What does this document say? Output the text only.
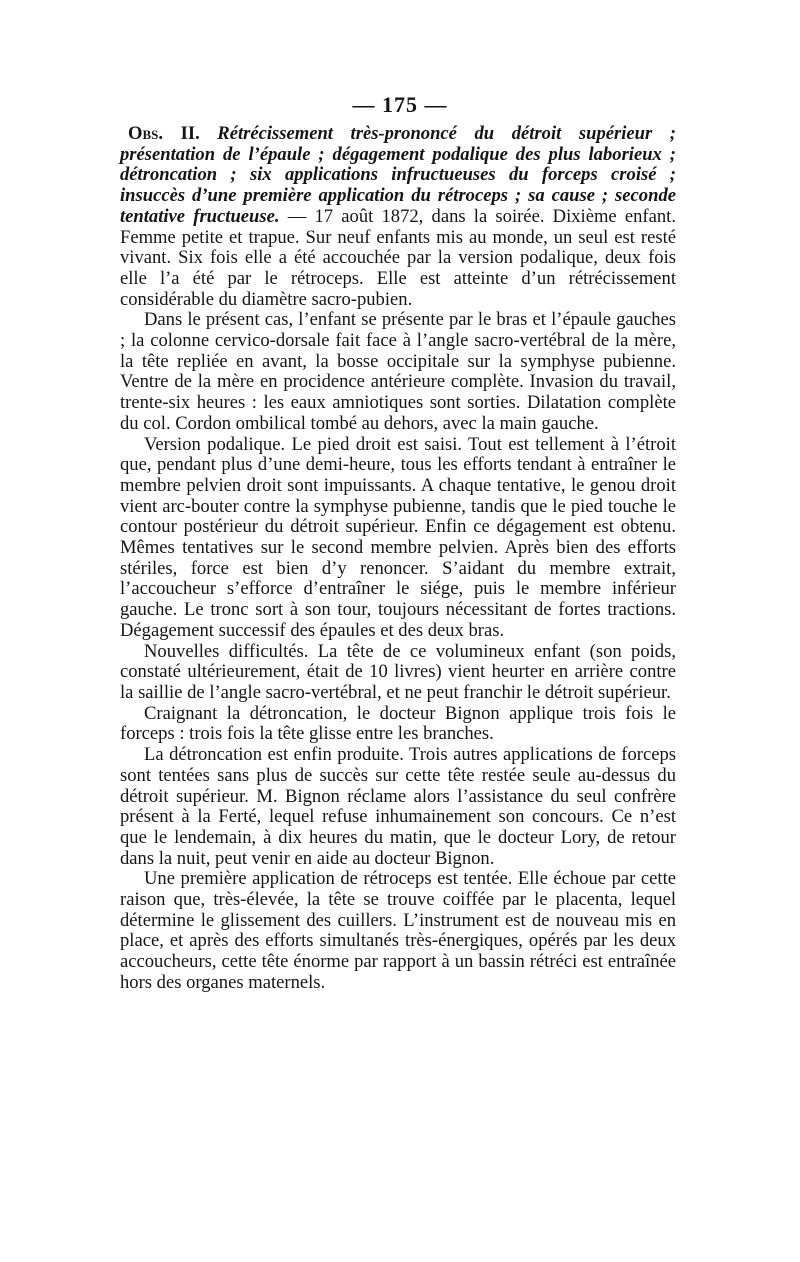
— 175 —

Obs. II. Rétrécissement très-prononcé du détroit supérieur ; présentation de l’épaule ; dégagement podalique des plus laborieux ; détroncation ; six applications infructueuses du forceps croisé ; insuccès d’une première application du rétroceps ; sa cause ; seconde tentative fructueuse. — 17 août 1872, dans la soirée. Dixième enfant. Femme petite et trapue. Sur neuf enfants mis au monde, un seul est resté vivant. Six fois elle a été accouchée par la version podalique, deux fois elle l’a été par le rétroceps. Elle est atteinte d’un rétrécissement considérable du diamètre sacro-pubien.

Dans le présent cas, l’enfant se présente par le bras et l’épaule gauches ; la colonne cervico-dorsale fait face à l’angle sacro-vertébral de la mère, la tête repliée en avant, la bosse occipitale sur la symphyse pubienne. Ventre de la mère en procidence antérieure complète. Invasion du travail, trente-six heures : les eaux amniotiques sont sorties. Dilatation complète du col. Cordon ombilical tombé au dehors, avec la main gauche.

Version podalique. Le pied droit est saisi. Tout est tellement à l’étroit que, pendant plus d’une demi-heure, tous les efforts tendant à entraîner le membre pelvien droit sont impuissants. A chaque tentative, le genou droit vient arc-bouter contre la symphyse pubienne, tandis que le pied touche le contour postérieur du détroit supérieur. Enfin ce dégagement est obtenu. Mêmes tentatives sur le second membre pelvien. Après bien des efforts stériles, force est bien d’y renoncer. S’aidant du membre extrait, l’accoucheur s’efforce d’entraîner le siége, puis le membre inférieur gauche. Le tronc sort à son tour, toujours nécessitant de fortes tractions. Dégagement successif des épaules et des deux bras.

Nouvelles difficultés. La tête de ce volumineux enfant (son poids, constaté ultérieurement, était de 10 livres) vient heurter en arrière contre la saillie de l’angle sacro-vertébral, et ne peut franchir le détroit supérieur.

Craignant la détroncation, le docteur Bignon applique trois fois le forceps : trois fois la tête glisse entre les branches.

La détroncation est enfin produite. Trois autres applications de forceps sont tentées sans plus de succès sur cette tête restée seule au-dessus du détroit supérieur. M. Bignon réclame alors l’assistance du seul confrère présent à la Ferté, lequel refuse inhumainement son concours. Ce n’est que le lendemain, à dix heures du matin, que le docteur Lory, de retour dans la nuit, peut venir en aide au docteur Bignon.

Une première application de rétroceps est tentée. Elle échoue par cette raison que, très-élevée, la tête se trouve coiffée par le placenta, lequel détermine le glissement des cuillers. L’instrument est de nouveau mis en place, et après des efforts simultanés très-énergiques, opérés par les deux accoucheurs, cette tête énorme par rapport à un bassin rétréci est entraînée hors des organes maternels.
